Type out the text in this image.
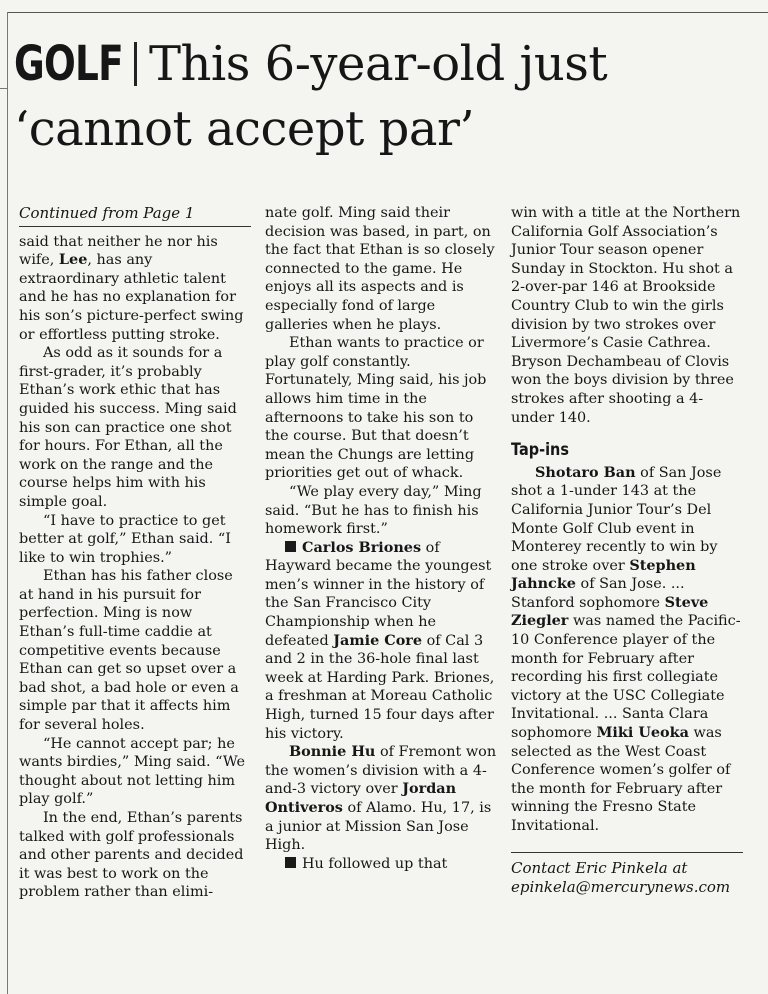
GOLF This 6-year-old just
‘cannot accept par’
Continued from Page 1

said that neither he nor his wife, Lee, has any extraordinary athletic talent and he has no explanation for his son’s picture-perfect swing or effortless putting stroke.

As odd as it sounds for a first-grader, it’s probably Ethan’s work ethic that has guided his success. Ming said his son can practice one shot for hours. For Ethan, all the work on the range and the course helps him with his simple goal.

“I have to practice to get better at golf,” Ethan said. “I like to win trophies.”

Ethan has his father close at hand in his pursuit for perfection. Ming is now Ethan’s full-time caddie at competitive events because Ethan can get so upset over a bad shot, a bad hole or even a simple par that it affects him for several holes.

“He cannot accept par; he wants birdies,” Ming said. “We thought about not letting him play golf.”

In the end, Ethan’s parents talked with golf professionals and other parents and decided it was best to work on the problem rather than elimi-

nate golf. Ming said their decision was based, in part, on the fact that Ethan is so closely connected to the game. He enjoys all its aspects and is especially fond of large galleries when he plays.

Ethan wants to practice or play golf constantly. Fortunately, Ming said, his job allows him time in the afternoons to take his son to the course. But that doesn’t mean the Chungs are letting priorities get out of whack.

“We play every day,” Ming said. “But he has to finish his homework first.”

Carlos Briones of Hayward became the youngest men’s winner in the history of the San Francisco City Championship when he defeated Jamie Core of Cal 3 and 2 in the 36-hole final last week at Harding Park. Briones, a freshman at Moreau Catholic High, turned 15 four days after his victory.

Bonnie Hu of Fremont won the women’s division with a 4-and-3 victory over Jordan Ontiveros of Alamo. Hu, 17, is a junior at Mission San Jose High.

Hu followed up that

win with a title at the Northern California Golf Association’s Junior Tour season opener Sunday in Stockton. Hu shot a 2-over-par 146 at Brookside Country Club to win the girls division by two strokes over Livermore’s Casie Cathrea. Bryson Dechambeau of Clovis won the boys division by three strokes after shooting a 4-under 140.

Tap-ins

Shotaro Ban of San Jose shot a 1-under 143 at the California Junior Tour’s Del Monte Golf Club event in Monterey recently to win by one stroke over Stephen Jahncke of San Jose. ... Stanford sophomore Steve Ziegler was named the Pacific-10 Conference player of the month for February after recording his first collegiate victory at the USC Collegiate Invitational. ... Santa Clara sophomore Miki Ueoka was selected as the West Coast Conference women’s golfer of the month for February after winning the Fresno State Invitational.

Contact Eric Pinkela at
epinkela@mercurynews.com
